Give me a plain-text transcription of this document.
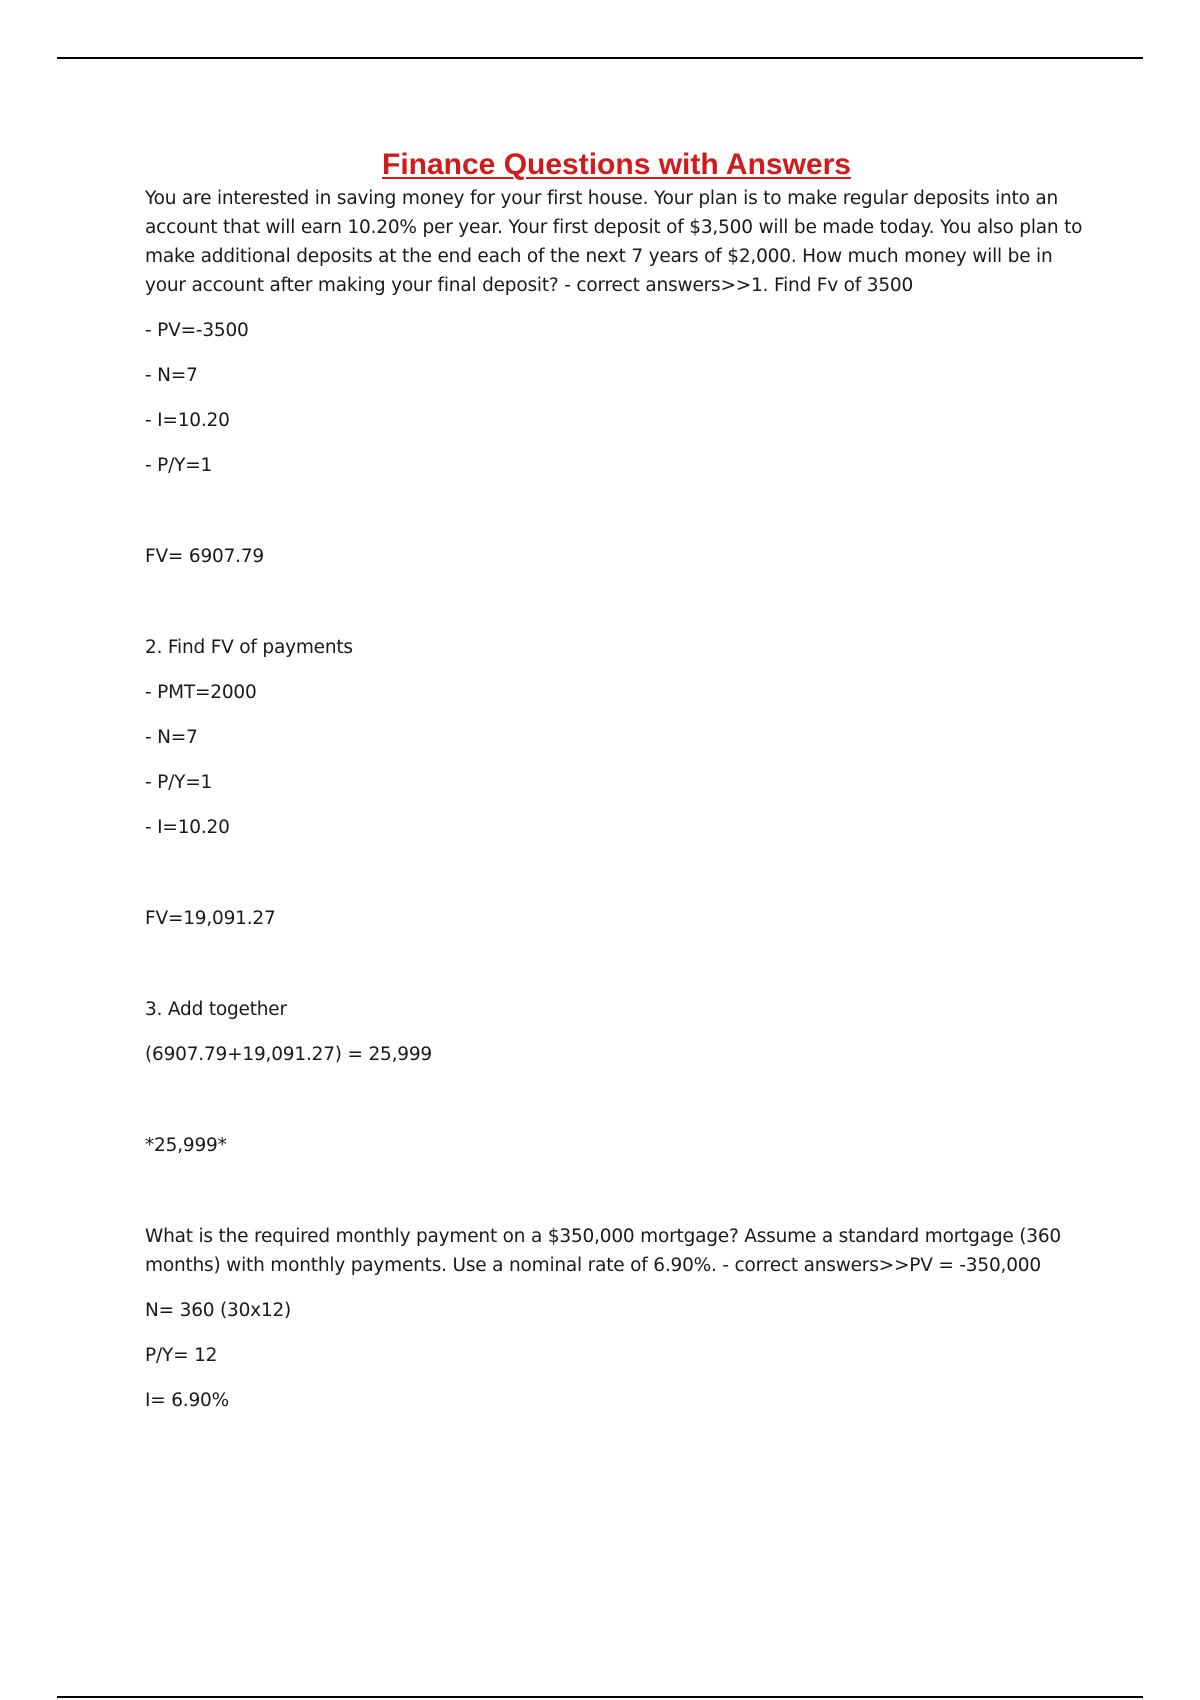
Finance Questions with Answers

You are interested in saving money for your first house. Your plan is to make regular deposits into an account that will earn 10.20% per year. Your first deposit of $3,500 will be made today. You also plan to make additional deposits at the end each of the next 7 years of $2,000. How much money will be in your account after making your final deposit? - correct answers>>1. Find Fv of 3500

- PV=-3500

- N=7

- I=10.20

- P/Y=1

FV= 6907.79

2. Find FV of payments

- PMT=2000

- N=7

- P/Y=1

- I=10.20

FV=19,091.27

3. Add together

(6907.79+19,091.27) = 25,999

*25,999*

What is the required monthly payment on a $350,000 mortgage? Assume a standard mortgage (360 months) with monthly payments. Use a nominal rate of 6.90%. - correct answers>>PV = -350,000

N= 360 (30x12)

P/Y= 12

I= 6.90%
